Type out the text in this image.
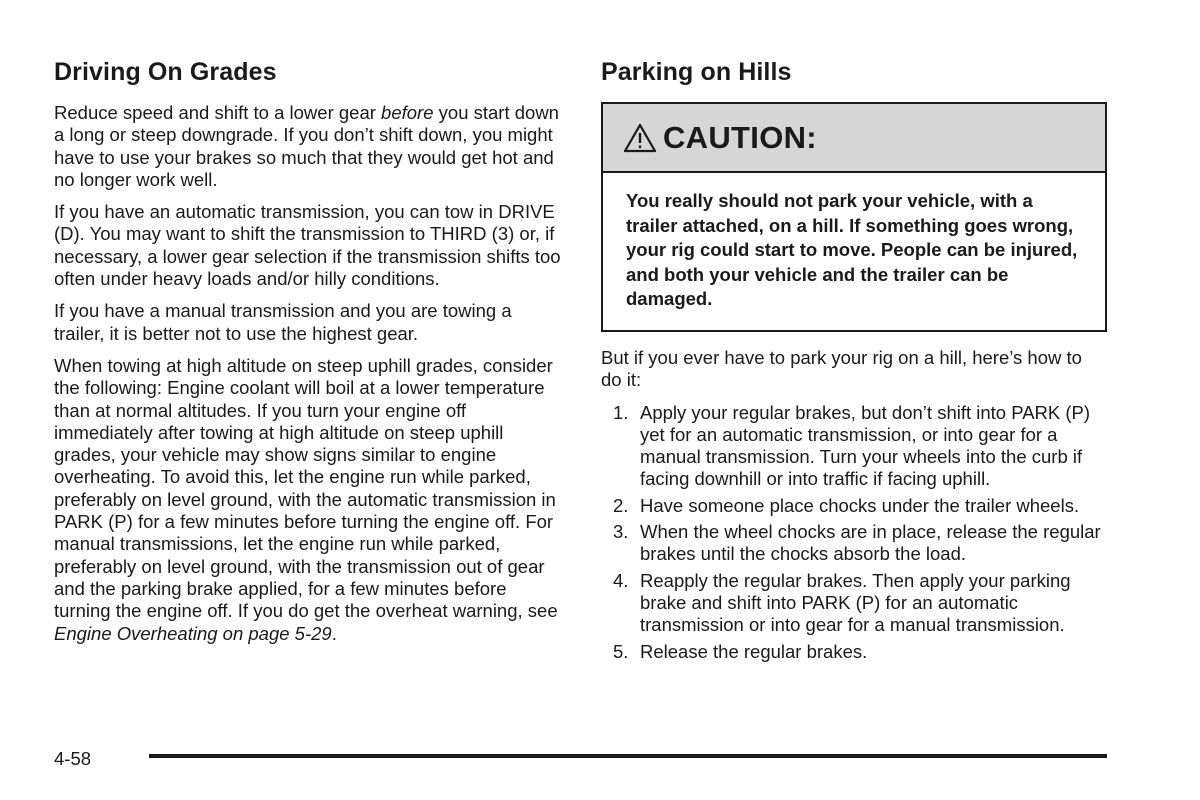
Driving On Grades

Reduce speed and shift to a lower gear before you start down a long or steep downgrade. If you don’t shift down, you might have to use your brakes so much that they would get hot and no longer work well.

If you have an automatic transmission, you can tow in DRIVE (D). You may want to shift the transmission to THIRD (3) or, if necessary, a lower gear selection if the transmission shifts too often under heavy loads and/or hilly conditions.

If you have a manual transmission and you are towing a trailer, it is better not to use the highest gear.

When towing at high altitude on steep uphill grades, consider the following: Engine coolant will boil at a lower temperature than at normal altitudes. If you turn your engine off immediately after towing at high altitude on steep uphill grades, your vehicle may show signs similar to engine overheating. To avoid this, let the engine run while parked, preferably on level ground, with the automatic transmission in PARK (P) for a few minutes before turning the engine off. For manual transmissions, let the engine run while parked, preferably on level ground, with the transmission out of gear and the parking brake applied, for a few minutes before turning the engine off. If you do get the overheat warning, see Engine Overheating on page 5-29.

Parking on Hills
CAUTION:
You really should not park your vehicle, with a trailer attached, on a hill. If something goes wrong, your rig could start to move. People can be injured, and both your vehicle and the trailer can be damaged.

But if you ever have to park your rig on a hill, here’s how to do it:

1. Apply your regular brakes, but don’t shift into PARK (P) yet for an automatic transmission, or into gear for a manual transmission. Turn your wheels into the curb if facing downhill or into traffic if facing uphill.
2. Have someone place chocks under the trailer wheels.
3. When the wheel chocks are in place, release the regular brakes until the chocks absorb the load.
4. Reapply the regular brakes. Then apply your parking brake and shift into PARK (P) for an automatic transmission or into gear for a manual transmission.
5. Release the regular brakes.
4-58
